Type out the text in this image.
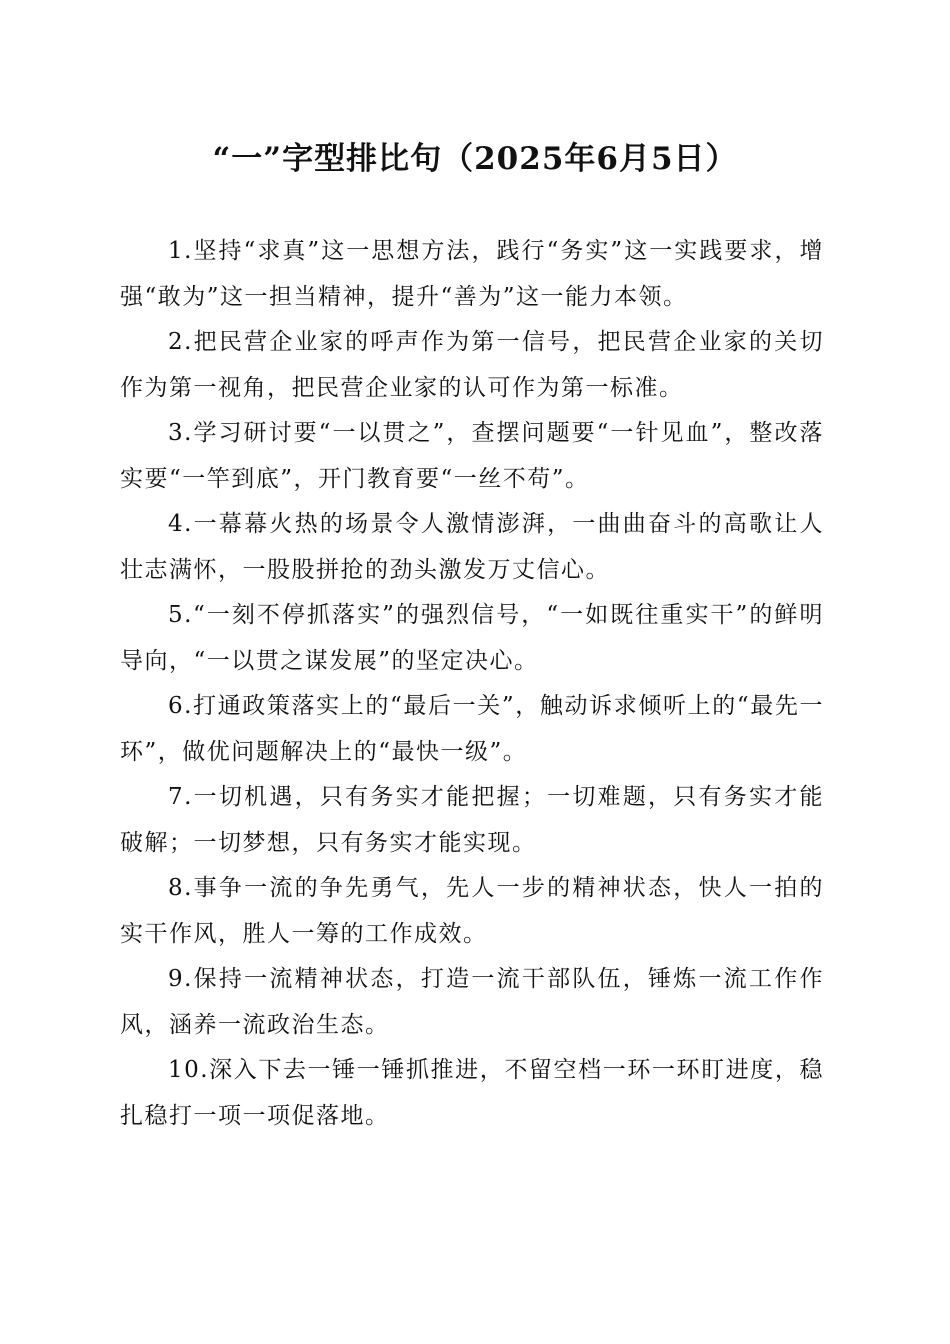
“一”字型排比句（2025年6月5日）

1.坚持“求真”这一思想方法，践行“务实”这一实践要求，增强“敢为”这一担当精神，提升“善为”这一能力本领。

2.把民营企业家的呼声作为第一信号，把民营企业家的关切作为第一视角，把民营企业家的认可作为第一标准。

3.学习研讨要“一以贯之”，查摆问题要“一针见血”，整改落实要“一竿到底”，开门教育要“一丝不苟”。

4.一幕幕火热的场景令人激情澎湃，一曲曲奋斗的高歌让人壮志满怀，一股股拼抢的劲头激发万丈信心。

5.“一刻不停抓落实”的强烈信号，“一如既往重实干”的鲜明导向，“一以贯之谋发展”的坚定决心。

6.打通政策落实上的“最后一关”，触动诉求倾听上的“最先一环”，做优问题解决上的“最快一级”。

7.一切机遇，只有务实才能把握；一切难题，只有务实才能破解；一切梦想，只有务实才能实现。

8.事争一流的争先勇气，先人一步的精神状态，快人一拍的实干作风，胜人一筹的工作成效。

9.保持一流精神状态，打造一流干部队伍，锤炼一流工作作风，涵养一流政治生态。

10.深入下去一锤一锤抓推进，不留空档一环一环盯进度，稳扎稳打一项一项促落地。
